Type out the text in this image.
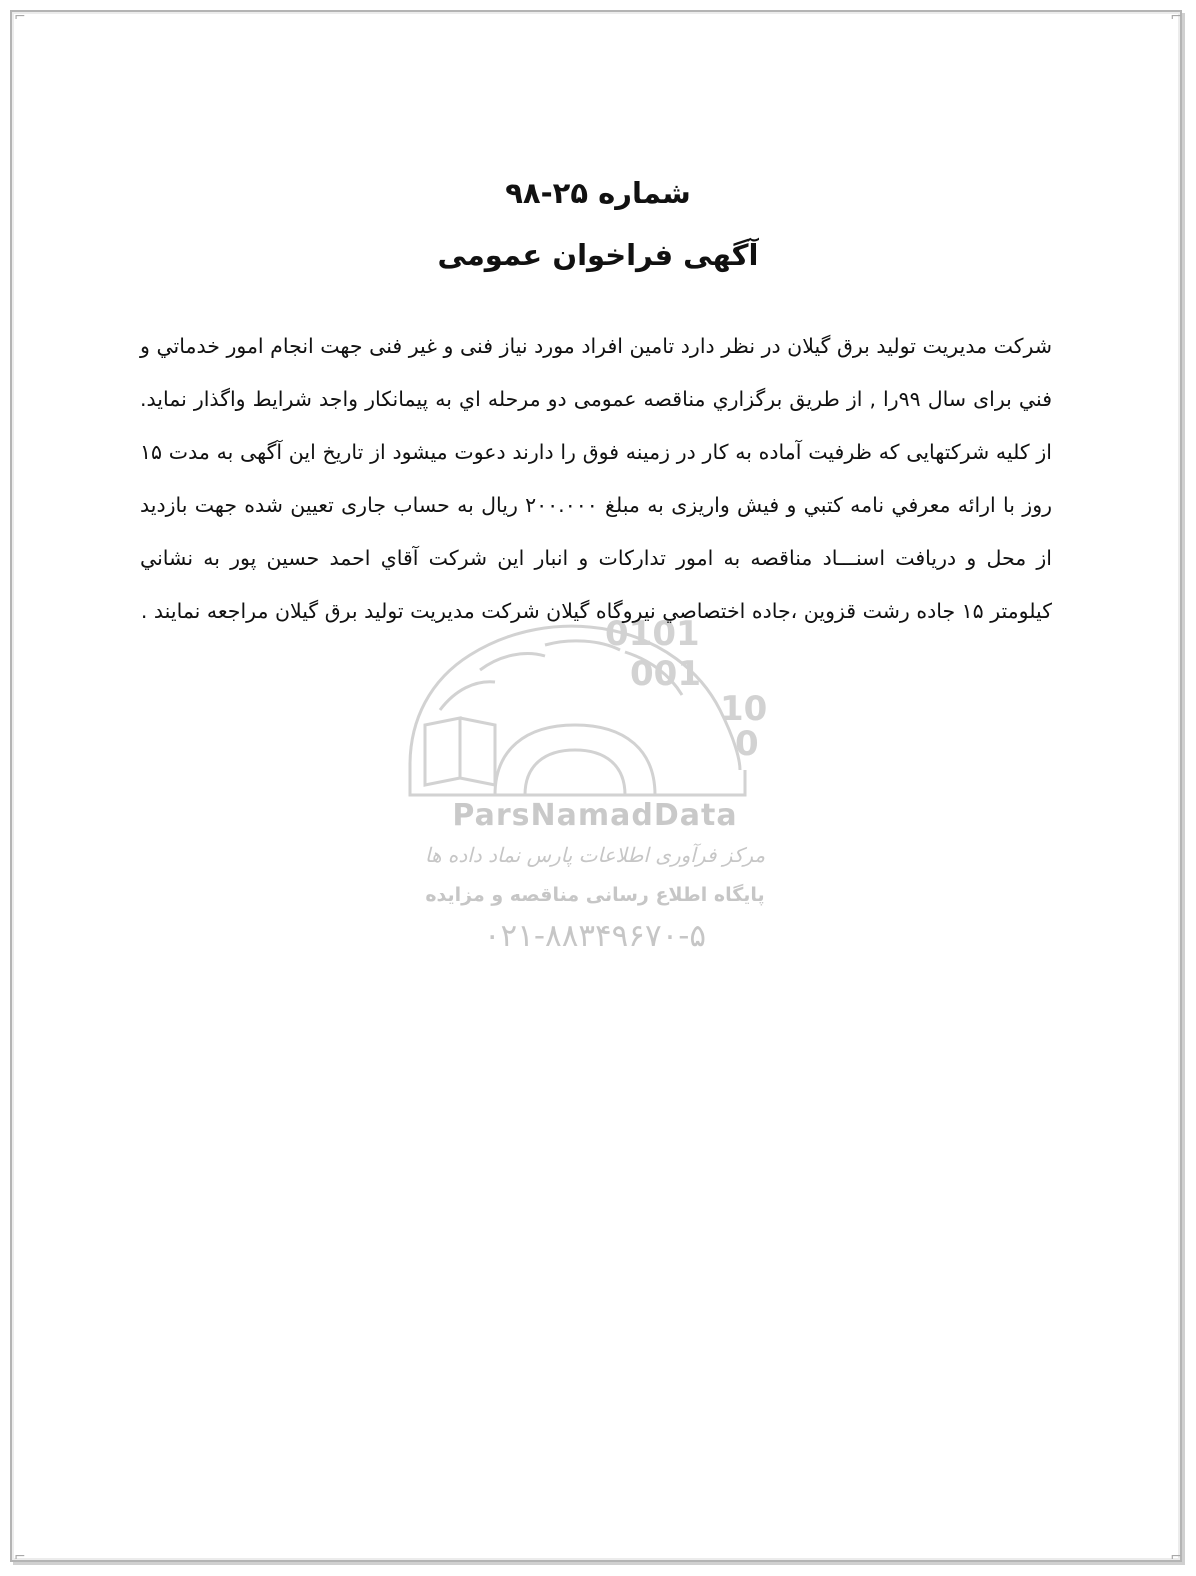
⌐	⌐
⌐	⌐
شماره ۲۵-۹۸
آگهی فراخوان عمومی
0101
001
10
0
ParsNamadData
مرکز فرآوری اطلاعات پارس نماد داده ها
پایگاه اطلاع رسانی مناقصه و مزایده
۰۲۱-۸۸۳۴۹۶۷۰-۵
شرکت مدیریت تولید برق گیلان در نظر دارد تامین افراد مورد نیاز فنی و غیر فنی جهت انجام امور خدماتي و فني برای سال ۹۹را , از طریق برگزاري مناقصه عمومی دو مرحله اي به پیمانکار واجد شرایط واگذار نماید. از کلیه شرکتهایی که ظرفیت آماده به کار در زمینه فوق را دارند دعوت میشود از تاریخ این آگهی به مدت ۱۵ روز با ارائه معرفي نامه کتبي و فیش واریزی به مبلغ ۲۰۰.۰۰۰ ریال به حساب جاری تعیین شده جهت بازدید از محل و دریافت اسنـــاد مناقصه به امور تدارکات و انبار این شرکت آقاي احمد حسین پور به نشاني کیلومتر ۱۵ جاده رشت قزوین ،جاده اختصاصي نیروگاه گیلان شرکت مدیریت تولید برق گیلان مراجعه نمایند .
